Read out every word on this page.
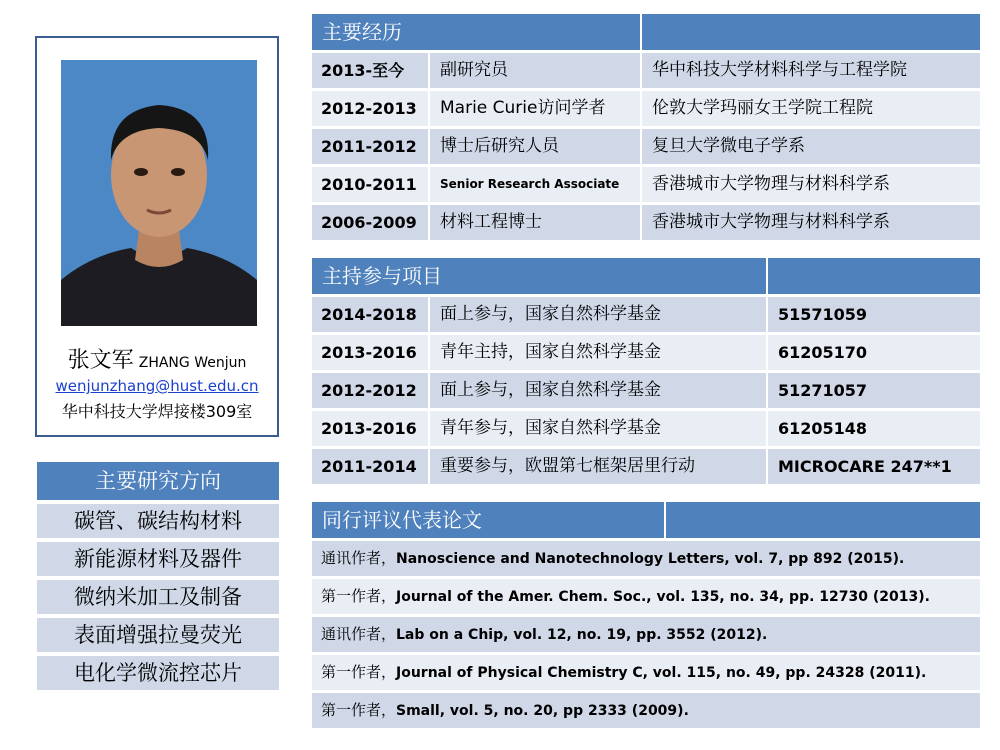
张文军 ZHANG Wenjun
wenjunzhang@hust.edu.cn
华中科技大学焊接楼309室
主要研究方向
碳管、碳结构材料
新能源材料及器件
微纳米加工及制备
表面增强拉曼荧光
电化学微流控芯片
主要经历
2013-至今 副研究员	华中科技大学材料科学与工程学院
2012-2013 Marie Curie访问学者	伦敦大学玛丽女王学院工程院
2011-2012 博士后研究人员	复旦大学微电子学系
2010-2011 Senior Research Associate 香港城市大学物理与材料科学系
2006-2009 材料工程博士	香港城市大学物理与材料科学系
主持参与项目
2014-2018 面上参与，国家自然科学基金	51571059
2013-2016 青年主持，国家自然科学基金	61205170
2012-2012 面上参与，国家自然科学基金	51271057
2013-2016 青年参与，国家自然科学基金	61205148
2011-2014 重要参与，欧盟第七框架居里行动	MICROCARE 247**1
同行评议代表论文
通讯作者，Nanoscience and Nanotechnology Letters, vol. 7, pp 892 (2015).
第一作者，Journal of the Amer. Chem. Soc., vol. 135, no. 34, pp. 12730 (2013).
通讯作者，Lab on a Chip, vol. 12, no. 19, pp. 3552 (2012).
第一作者，Journal of Physical Chemistry C, vol. 115, no. 49, pp. 24328 (2011).
第一作者，Small, vol. 5, no. 20, pp 2333 (2009).
